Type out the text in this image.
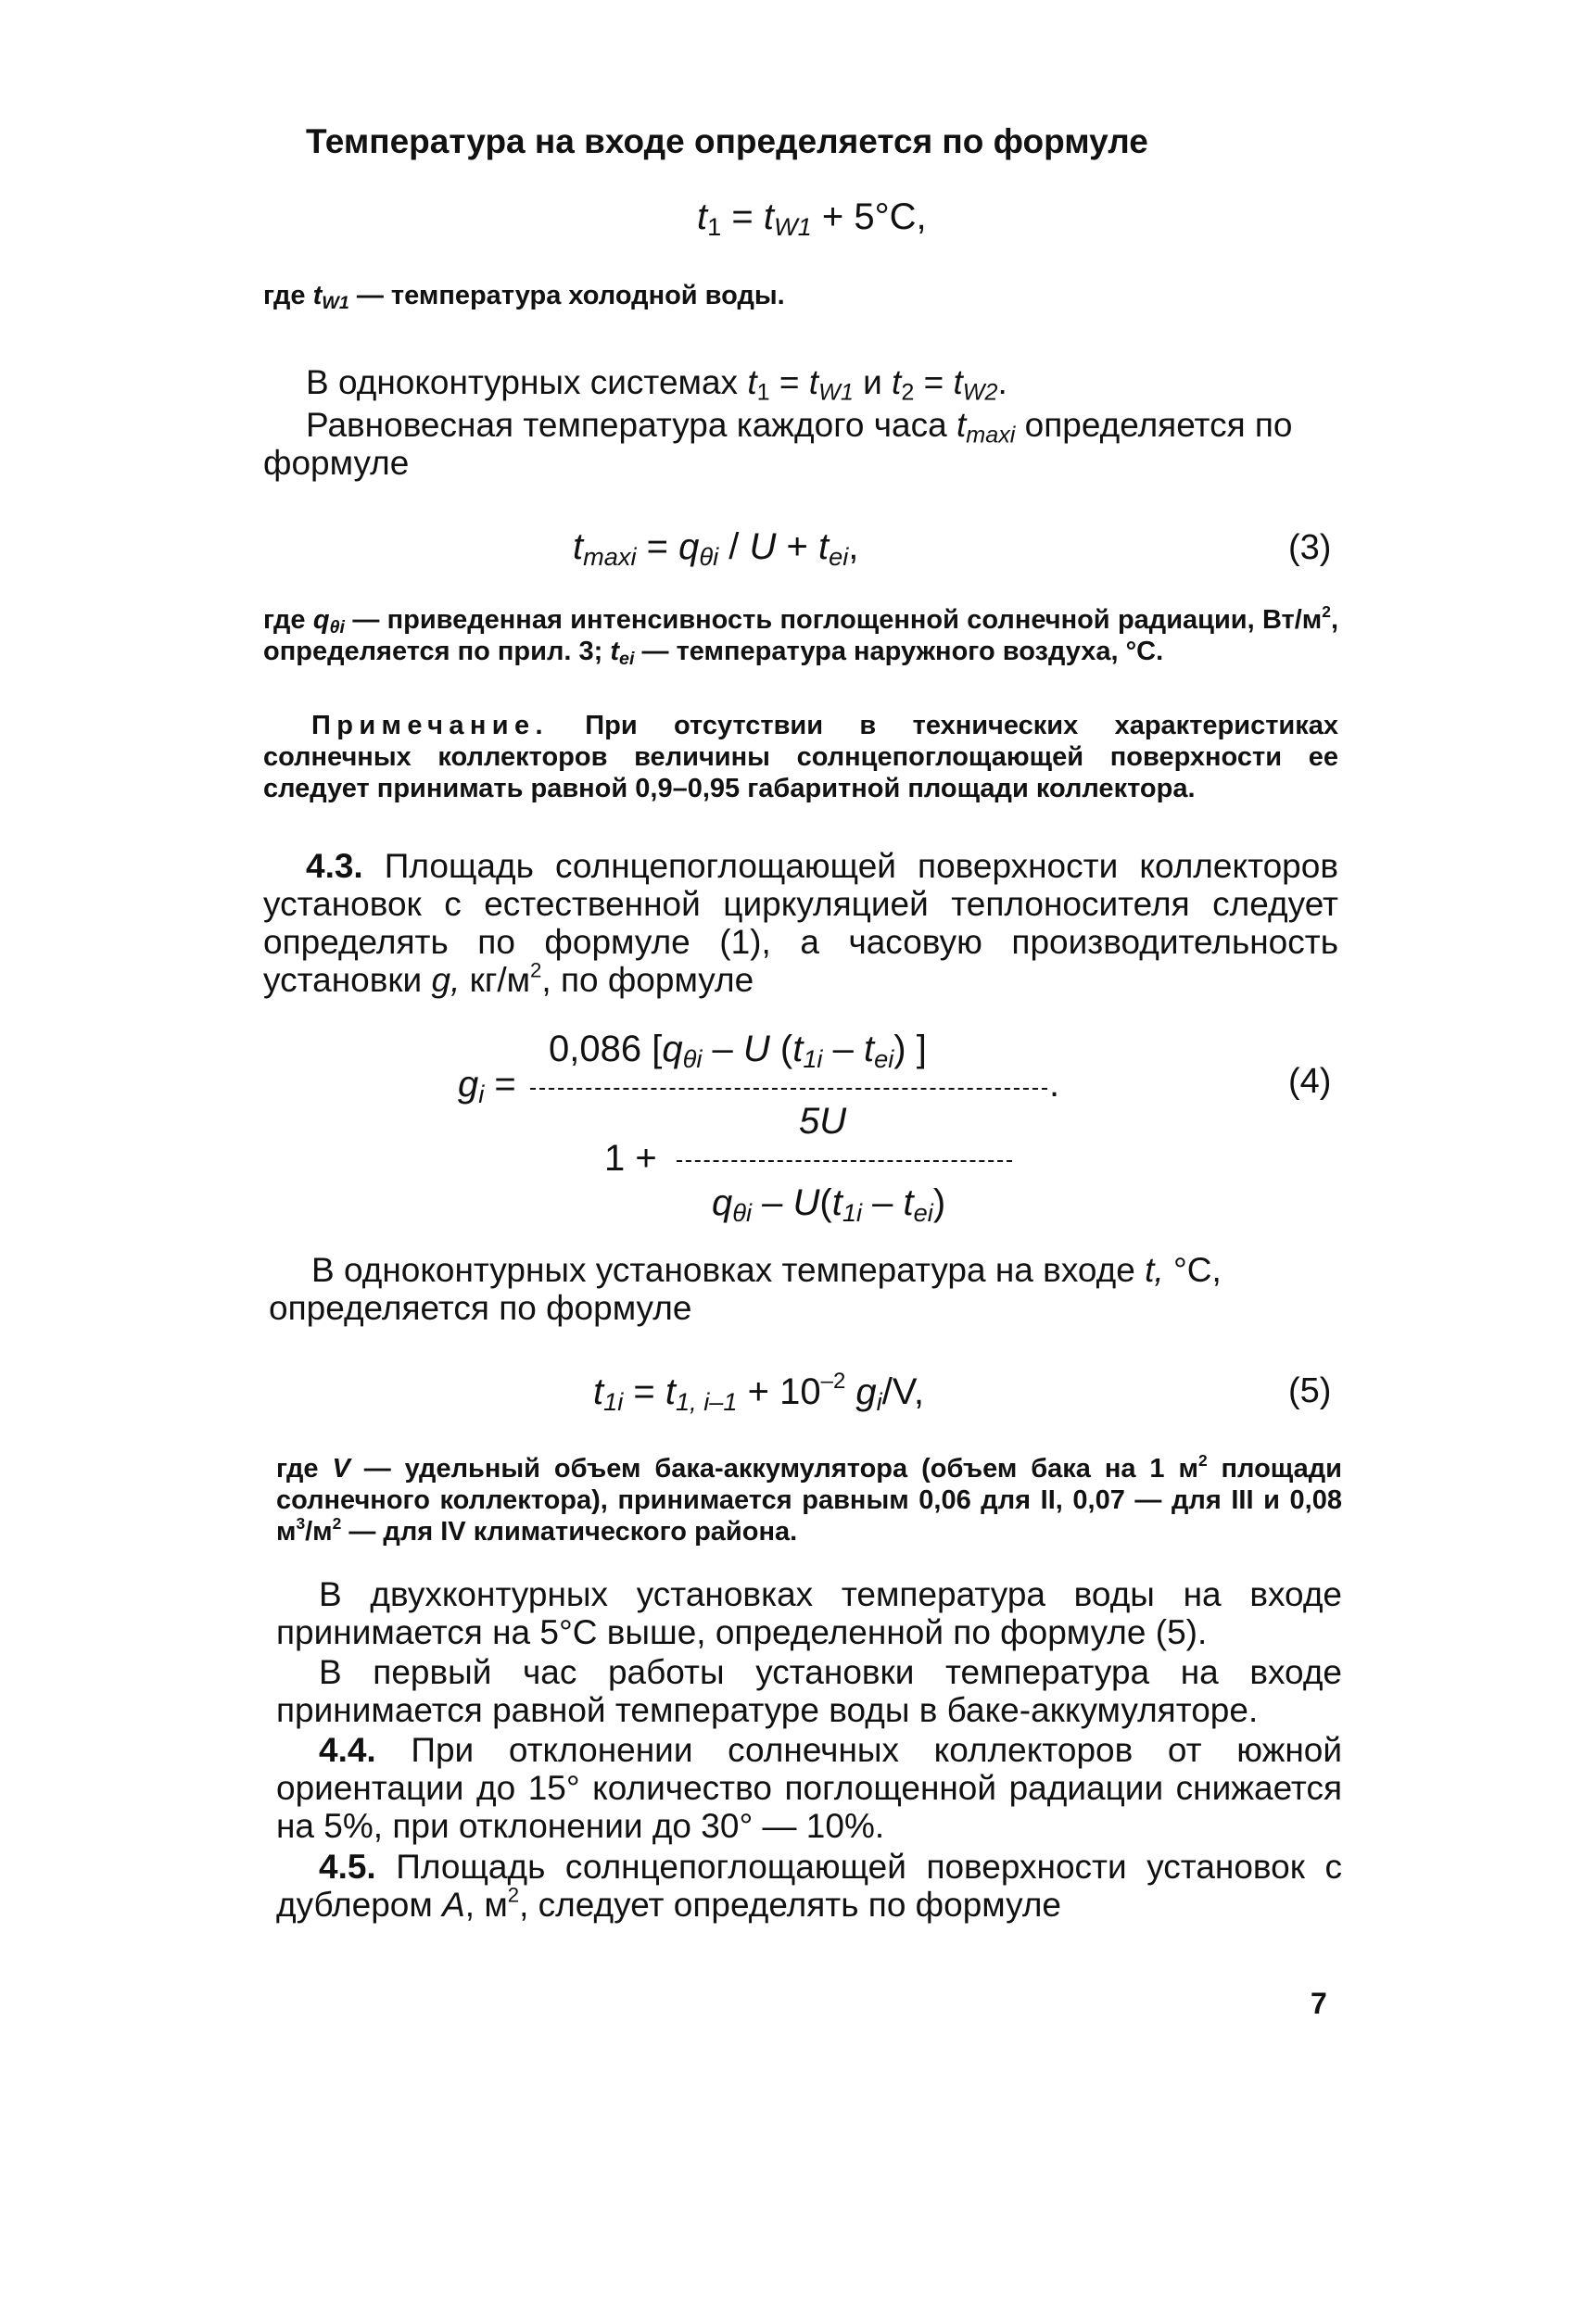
Температура на входе определяется по формуле

$t_1 = t_{W1} + 5^\circ C$,

где $t_{W1}$ — температура холодной воды.

В одноконтурных системах $t_1 = t_{W1}$ и $t_2 = t_{W2}$.

Равновесная температура каждого часа $t_{maxi}$ определяется по формуле

$t_{maxi} = q_{\theta i} / U + t_{ei}$,	(3)

где $q_{\theta i}$ — приведенная интенсивность поглощенной солнечной радиации, $Вт/м^2$, определяется по прил. 3; $t_{ei}$ — температура наружного воздуха, °С.

Примечание. При отсутствии в технических характеристиках солнечных коллекторов величины солнцепоглощающей поверхности ее следует принимать равной 0,9–0,95 габаритной площади коллектора.

4.3. Площадь солнцепоглощающей поверхности коллекторов установок с естественной циркуляцией теплоносителя следует определять по формуле (1), а часовую производительность установки g, $кг/м^2$, по формуле

$g_i$ =
0,086 [$q_{\theta i}$ – U $(t_{1i} - t_{ei})$ ]
.
5U
1 +
$q_{\theta i} - U(t_{1i} - t_{ei})$
(4)

В одноконтурных установках температура на входе t, °С, определяется по формуле

$t_{1i} = t_{1, i-1} + 10^{-2}$ $g_i/V$,	(5)

где V — удельный объем бака-аккумулятора (объем бака на 1 $м^2$ площади солнечного коллектора), принимается равным 0,06 для II, 0,07 — для III и 0,08 $м^3/м^2$ — для IV климатического района.

В двухконтурных установках температура воды на входе принимается на 5°С выше, определенной по формуле (5).

В первый час работы установки температура на входе принимается равной температуре воды в баке-аккумуляторе.

4.4. При отклонении солнечных коллекторов от южной ориентации до 15° количество поглощенной радиации снижается на 5%, при отклонении до 30° — 10%.

4.5. Площадь солнцепоглощающей поверхности установок с дублером A, $м^2$, следует определять по формуле

7
